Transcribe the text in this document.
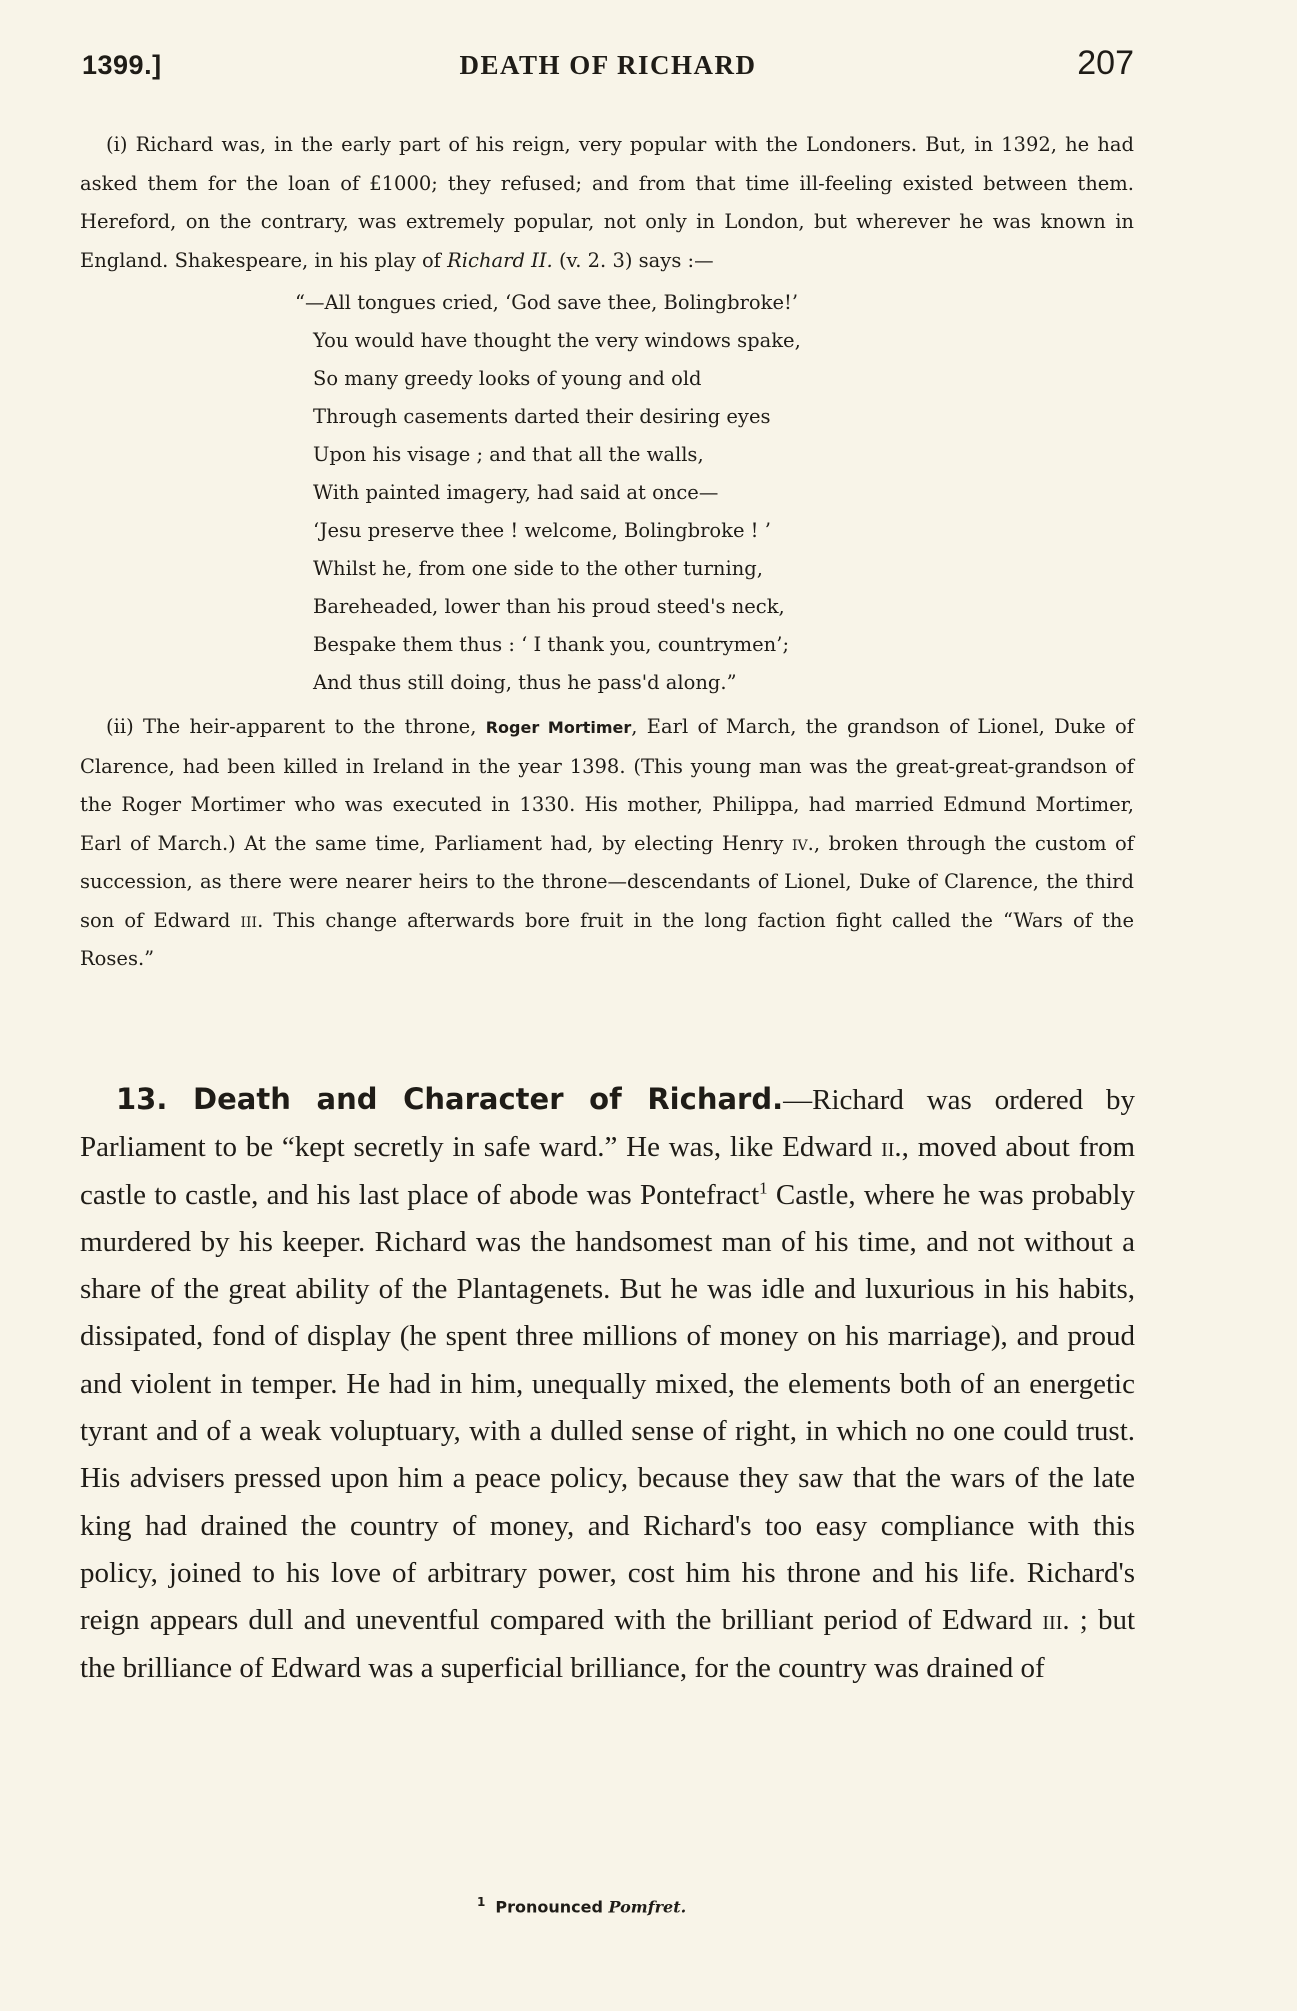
1399.]	DEATH OF RICHARD	207

(i) Richard was, in the early part of his reign, very popular with the Londoners. But, in 1392, he had asked them for the loan of £1000; they refused; and from that time ill-feeling existed between them. Hereford, on the contrary, was extremely popular, not only in London, but wherever he was known in England. Shakespeare, in his play of Richard II. (v. 2. 3) says :—

“—All tongues cried, ‘God save thee, Bolingbroke!’
You would have thought the very windows spake,
So many greedy looks of young and old
Through casements darted their desiring eyes
Upon his visage ; and that all the walls,
With painted imagery, had said at once—
‘Jesu preserve thee ! welcome, Bolingbroke ! ’
Whilst he, from one side to the other turning,
Bareheaded, lower than his proud steed's neck,
Bespake them thus : ‘ I thank you, countrymen’;
And thus still doing, thus he pass'd along.”

(ii) The heir-apparent to the throne, Roger Mortimer, Earl of March, the grandson of Lionel, Duke of Clarence, had been killed in Ireland in the year 1398. (This young man was the great-great-grandson of the Roger Mortimer who was executed in 1330. His mother, Philippa, had married Edmund Mortimer, Earl of March.) At the same time, Parliament had, by electing Henry iv., broken through the custom of succession, as there were nearer heirs to the throne—descendants of Lionel, Duke of Clarence, the third son of Edward iii. This change afterwards bore fruit in the long faction fight called the “Wars of the Roses.”

13. Death and Character of Richard.—Richard was ordered by Parliament to be “kept secretly in safe ward.” He was, like Edward ii., moved about from castle to castle, and his last place of abode was Pontefract$^1$ Castle, where he was probably murdered by his keeper. Richard was the handsomest man of his time, and not without a share of the great ability of the Plantagenets. But he was idle and luxurious in his habits, dissipated, fond of display (he spent three millions of money on his marriage), and proud and violent in temper. He had in him, unequally mixed, the elements both of an energetic tyrant and of a weak voluptuary, with a dulled sense of right, in which no one could trust. His advisers pressed upon him a peace policy, because they saw that the wars of the late king had drained the country of money, and Richard's too easy compliance with this policy, joined to his love of arbitrary power, cost him his throne and his life. Richard's reign appears dull and uneventful compared with the brilliant period of Edward iii. ; but the brilliance of Edward was a superficial brilliance, for the country was drained of

$^1$ Pronounced Pomfret.
